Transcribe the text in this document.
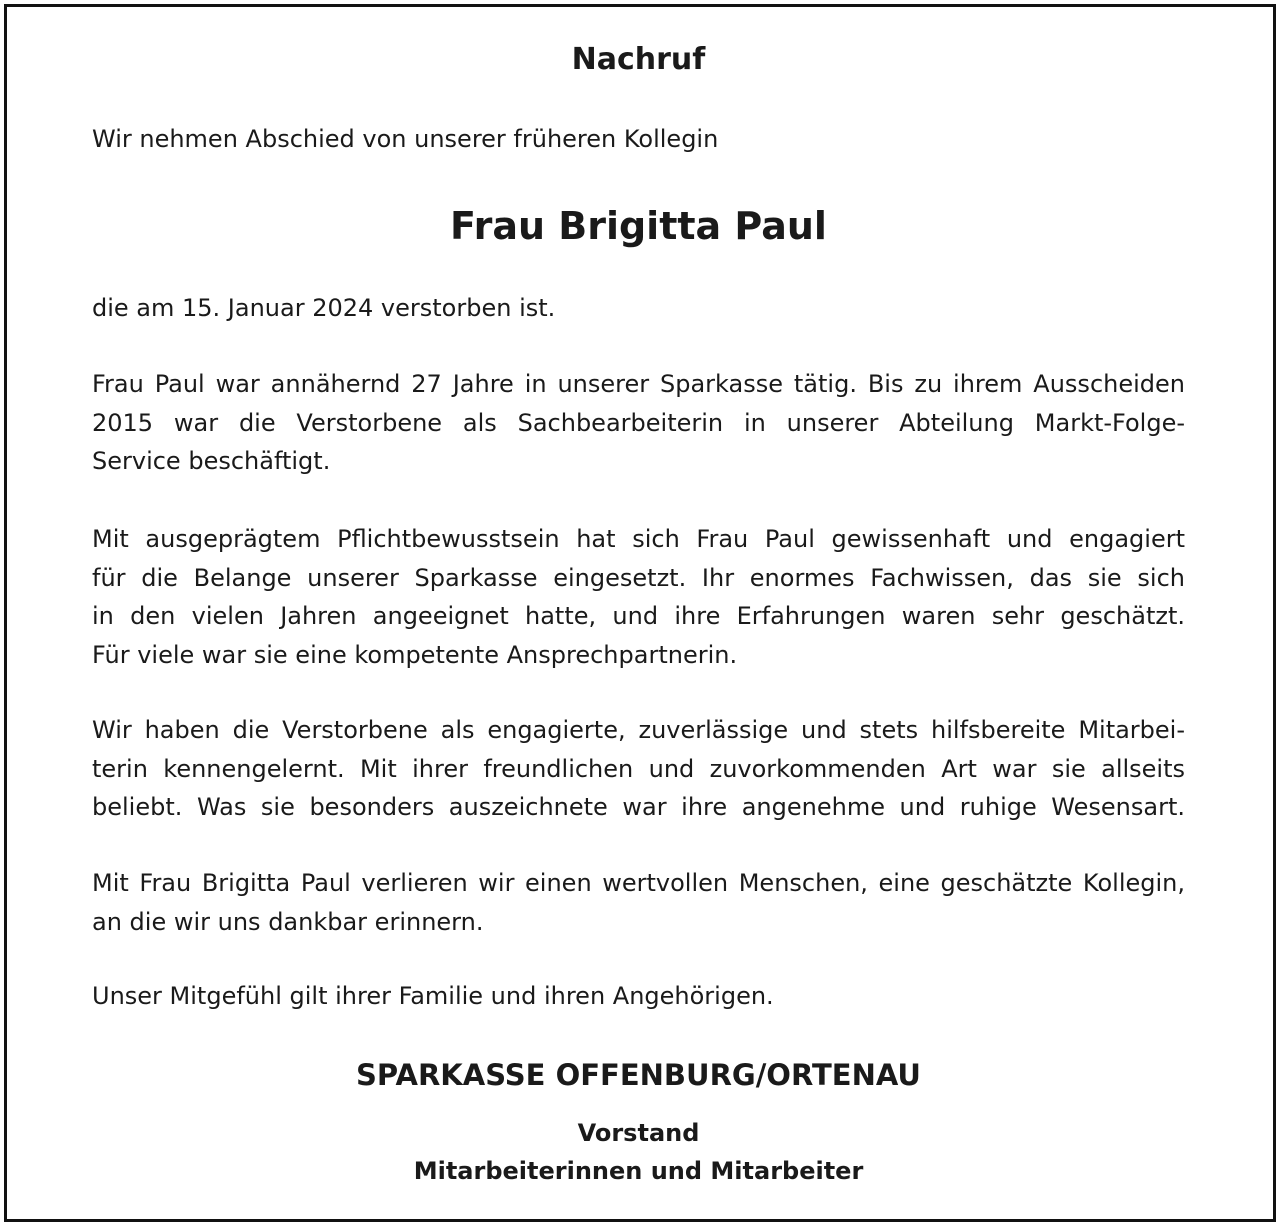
Nachruf

Wir nehmen Abschied von unserer früheren Kollegin

Frau Brigitta Paul

die am 15. Januar 2024 verstorben ist.

Frau Paul war annähernd 27 Jahre in unserer Sparkasse tätig. Bis zu ihrem Ausscheiden
2015 war die Verstorbene als Sachbearbeiterin in unserer Abteilung Markt-Folge-
Service beschäftigt.
Mit ausgeprägtem Pflichtbewusstsein hat sich Frau Paul gewissenhaft und engagiert
für die Belange unserer Sparkasse eingesetzt. Ihr enormes Fachwissen, das sie sich
in den vielen Jahren angeeignet hatte, und ihre Erfahrungen waren sehr geschätzt.
Für viele war sie eine kompetente Ansprechpartnerin.
Wir haben die Verstorbene als engagierte, zuverlässige und stets hilfsbereite Mitarbei-
terin kennengelernt. Mit ihrer freundlichen und zuvorkommenden Art war sie allseits
beliebt. Was sie besonders auszeichnete war ihre angenehme und ruhige Wesensart.
Mit Frau Brigitta Paul verlieren wir einen wertvollen Menschen, eine geschätzte Kollegin,
an die wir uns dankbar erinnern.

Unser Mitgefühl gilt ihrer Familie und ihren Angehörigen.

SPARKASSE OFFENBURG/ORTENAU
Vorstand
Mitarbeiterinnen und Mitarbeiter
